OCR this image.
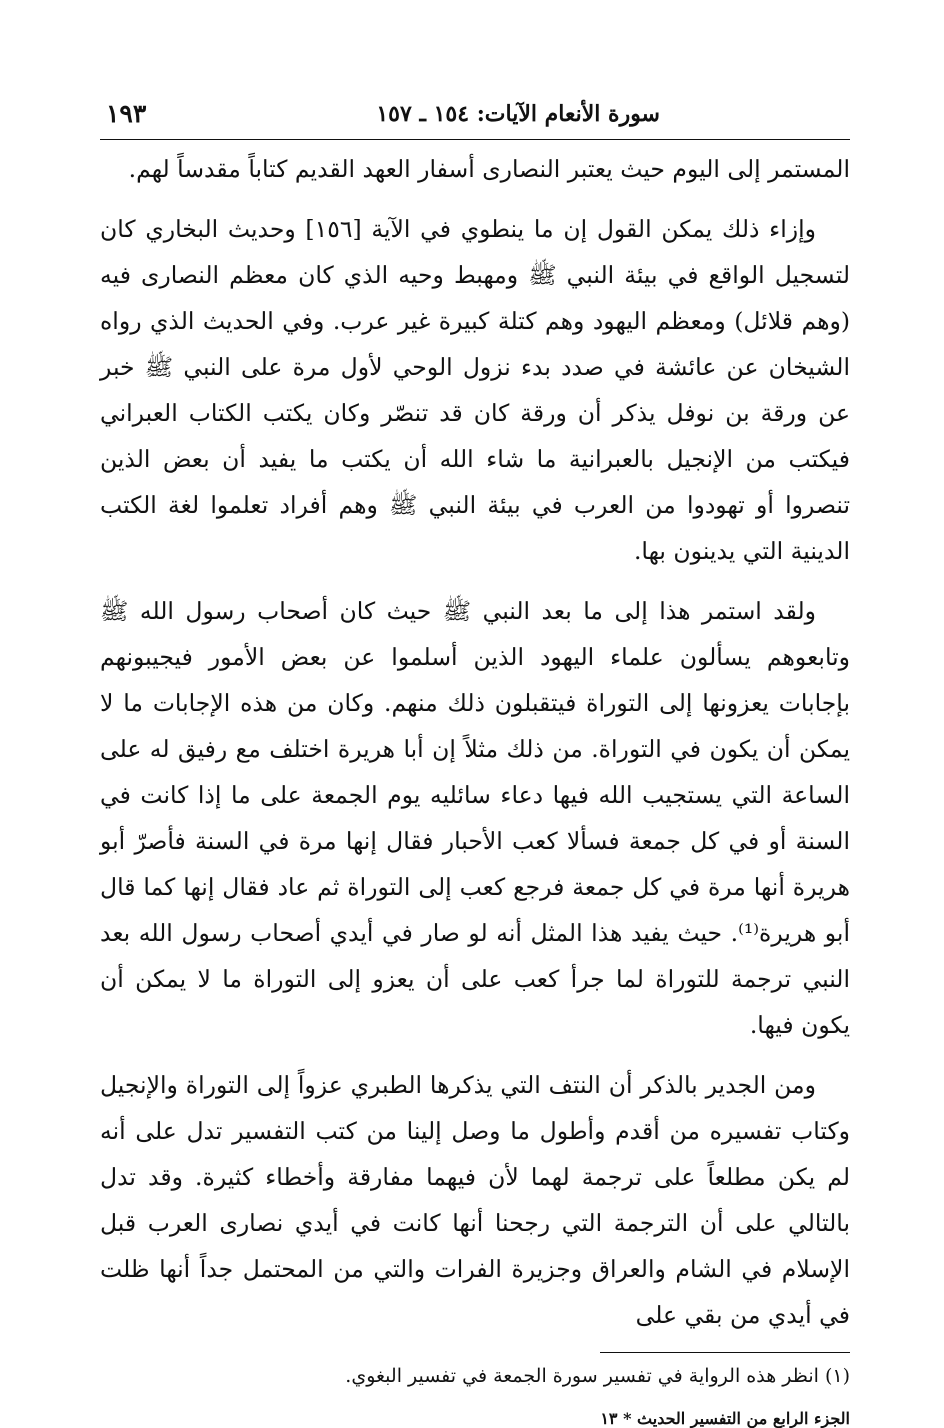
سورة الأنعام الآيات: ١٥٤ ـ ١٥٧
١٩٣

المستمر إلى اليوم حيث يعتبر النصارى أسفار العهد القديم كتاباً مقدساً لهم.

وإزاء ذلك يمكن القول إن ما ينطوي في الآية [١٥٦] وحديث البخاري كان لتسجيل الواقع في بيئة النبي ﷺ ومهبط وحيه الذي كان معظم النصارى فيه (وهم قلائل) ومعظم اليهود وهم كتلة كبيرة غير عرب. وفي الحديث الذي رواه الشيخان عن عائشة في صدد بدء نزول الوحي لأول مرة على النبي ﷺ خبر عن ورقة بن نوفل يذكر أن ورقة كان قد تنصّر وكان يكتب الكتاب العبراني فيكتب من الإنجيل بالعبرانية ما شاء الله أن يكتب ما يفيد أن بعض الذين تنصروا أو تهودوا من العرب في بيئة النبي ﷺ وهم أفراد تعلموا لغة الكتب الدينية التي يدينون بها.

ولقد استمر هذا إلى ما بعد النبي ﷺ حيث كان أصحاب رسول الله ﷺ وتابعوهم يسألون علماء اليهود الذين أسلموا عن بعض الأمور فيجيبونهم بإجابات يعزونها إلى التوراة فيتقبلون ذلك منهم. وكان من هذه الإجابات ما لا يمكن أن يكون في التوراة. من ذلك مثلاً إن أبا هريرة اختلف مع رفيق له على الساعة التي يستجيب الله فيها دعاء سائليه يوم الجمعة على ما إذا كانت في السنة أو في كل جمعة فسألا كعب الأحبار فقال إنها مرة في السنة فأصرّ أبو هريرة أنها مرة في كل جمعة فرجع كعب إلى التوراة ثم عاد فقال إنها كما قال أبو هريرة⁽¹⁾. حيث يفيد هذا المثل أنه لو صار في أيدي أصحاب رسول الله بعد النبي ترجمة للتوراة لما جرأ كعب على أن يعزو إلى التوراة ما لا يمكن أن يكون فيها.

ومن الجدير بالذكر أن النتف التي يذكرها الطبري عزواً إلى التوراة والإنجيل وكتاب تفسيره من أقدم وأطول ما وصل إلينا من كتب التفسير تدل على أنه لم يكن مطلعاً على ترجمة لهما لأن فيهما مفارقة وأخطاء كثيرة. وقد تدل بالتالي على أن الترجمة التي رجحنا أنها كانت في أيدي نصارى العرب قبل الإسلام في الشام والعراق وجزيرة الفرات والتي من المحتمل جداً أنها ظلت في أيدي من بقي على

(١) انظر هذه الرواية في تفسير سورة الجمعة في تفسير البغوي.
الجزء الرابع من التفسير الحديث * ١٣
